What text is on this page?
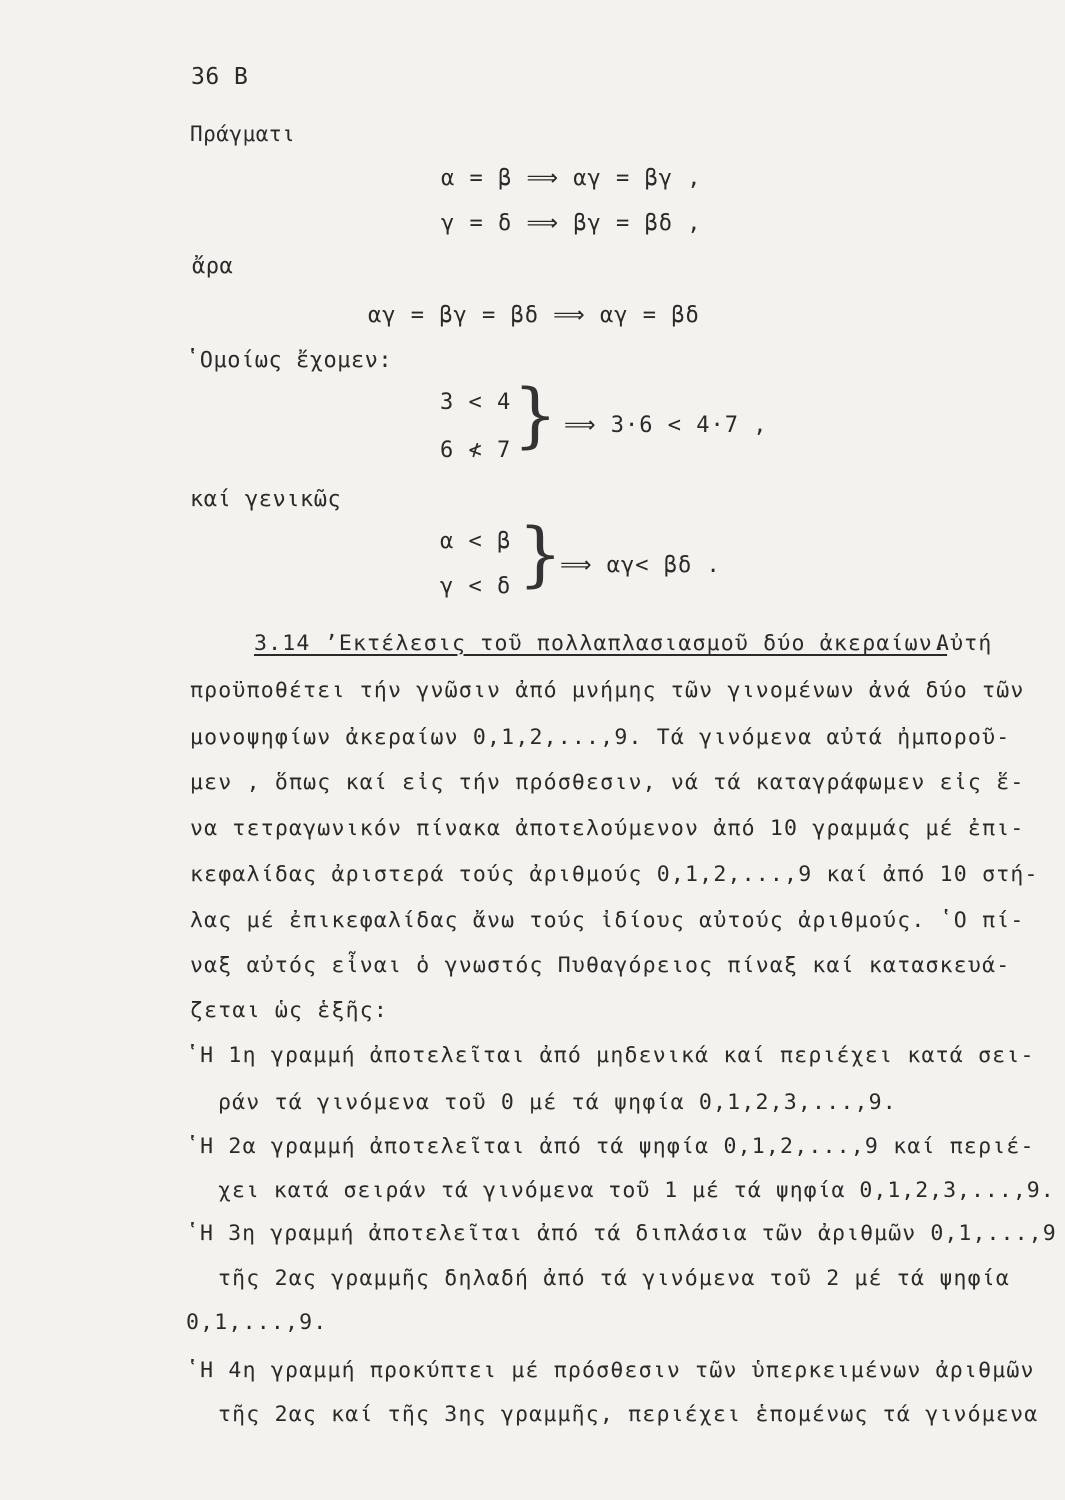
36 B
Πράγματι
α = β ⟹ αγ = βγ ,
γ = δ ⟹ βγ = βδ ,
ἄρα
αγ = βγ = βδ ⟹ αγ = βδ
ʽΟμοίως ἔχομεν:
3 < 4
6 ≮ 7 } ⟹ 3·6 < 4·7 ,
καί γενικῶς
α < β
γ < δ }
⟹ αγ< βδ .
3.14 ʼΕκτέλεσις τοῦ πολλαπλασιασμοῦ δύο ἀκεραίων.
Αὐτή
προϋποθέτει τήν γνῶσιν ἀπό μνήμης τῶν γινομένων ἀνά δύο τῶν
μονοψηφίων ἀκεραίων 0,1,2,...,9. Τά γινόμενα αὐτά ἠμποροῦ-
μεν , ὅπως καί εἰς τήν πρόσθεσιν, νά τά καταγράφωμεν εἰς ἕ-
να τετραγωνικόν πίνακα ἀποτελούμενον ἀπό 10 γραμμάς μέ ἐπι-
κεφαλίδας ἀριστερά τούς ἀριθμούς 0,1,2,...,9 καί ἀπό 10 στή-
λας μέ ἐπικεφαλίδας ἄνω τούς ἰδίους αὐτούς ἀριθμούς. ʽΟ πί-
ναξ αὐτός εἶναι ὁ γνωστός Πυθαγόρειος πίναξ καί κατασκευά-
ζεται ὡς ἑξῆς:
ʽΗ 1η γραμμή ἀποτελεῖται ἀπό μηδενικά καί περιέχει κατά σει-
ράν τά γινόμενα τοῦ 0 μέ τά ψηφία 0,1,2,3,...,9.
ʽΗ 2α γραμμή ἀποτελεῖται ἀπό τά ψηφία 0,1,2,...,9 καί περιέ-
χει κατά σειράν τά γινόμενα τοῦ 1 μέ τά ψηφία 0,1,2,3,...,9.
ʽΗ 3η γραμμή ἀποτελεῖται ἀπό τά διπλάσια τῶν ἀριθμῶν 0,1,...,9
τῆς 2ας γραμμῆς δηλαδή ἀπό τά γινόμενα τοῦ 2 μέ τά ψηφία
0,1,...,9.
ʽΗ 4η γραμμή προκύπτει μέ πρόσθεσιν τῶν ὑπερκειμένων ἀριθμῶν
τῆς 2ας καί τῆς 3ης γραμμῆς, περιέχει ἑπομένως τά γινόμενα
